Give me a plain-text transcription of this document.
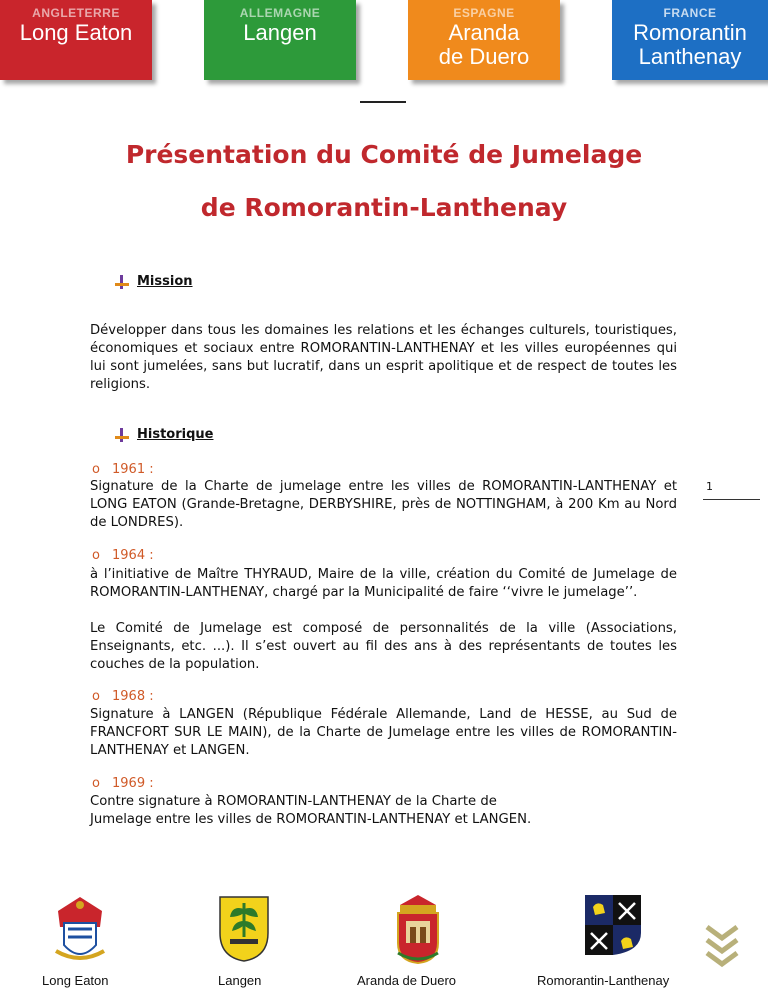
ANGLETERRE
Long Eaton
ALLEMAGNE
Langen
ESPAGNE
Aranda
de Duero
FRANCE
Romorantin
Lanthenay
Présentation du Comité de Jumelage
de Romorantin-Lanthenay
Mission

Développer dans tous les domaines les relations et les échanges culturels, touristiques, économiques et sociaux entre ROMORANTIN-LANTHENAY et les villes européennes qui lui sont jumelées, sans but lucratif, dans un esprit apolitique et de respect de toutes les religions.

Historique
o 1961 :

Signature de la Charte de jumelage entre les villes de ROMORANTIN-LANTHENAY et LONG EATON (Grande-Bretagne, DERBYSHIRE, près de NOTTINGHAM, à 200 Km au Nord de LONDRES).

o 1964 :

à l’initiative de Maître THYRAUD, Maire de la ville, création du Comité de Jumelage de ROMORANTIN-LANTHENAY, chargé par la Municipalité de faire ‘‘vivre le jumelage’’.

Le Comité de Jumelage est composé de personnalités de la ville (Associations, Enseignants, etc. ...). Il s’est ouvert au fil des ans à des représentants de toutes les couches de la population.

o 1968 :

Signature à LANGEN (République Fédérale Allemande, Land de HESSE, au Sud de FRANCFORT SUR LE MAIN), de la Charte de Jumelage entre les villes de ROMORANTIN-LANTHENAY et LANGEN.

o 1969 :

Contre signature à ROMORANTIN-LANTHENAY de la Charte de Jumelage entre les villes de ROMORANTIN-LANTHENAY et LANGEN.

1
Long Eaton	Langen	Aranda de Duero	Romorantin-Lanthenay
